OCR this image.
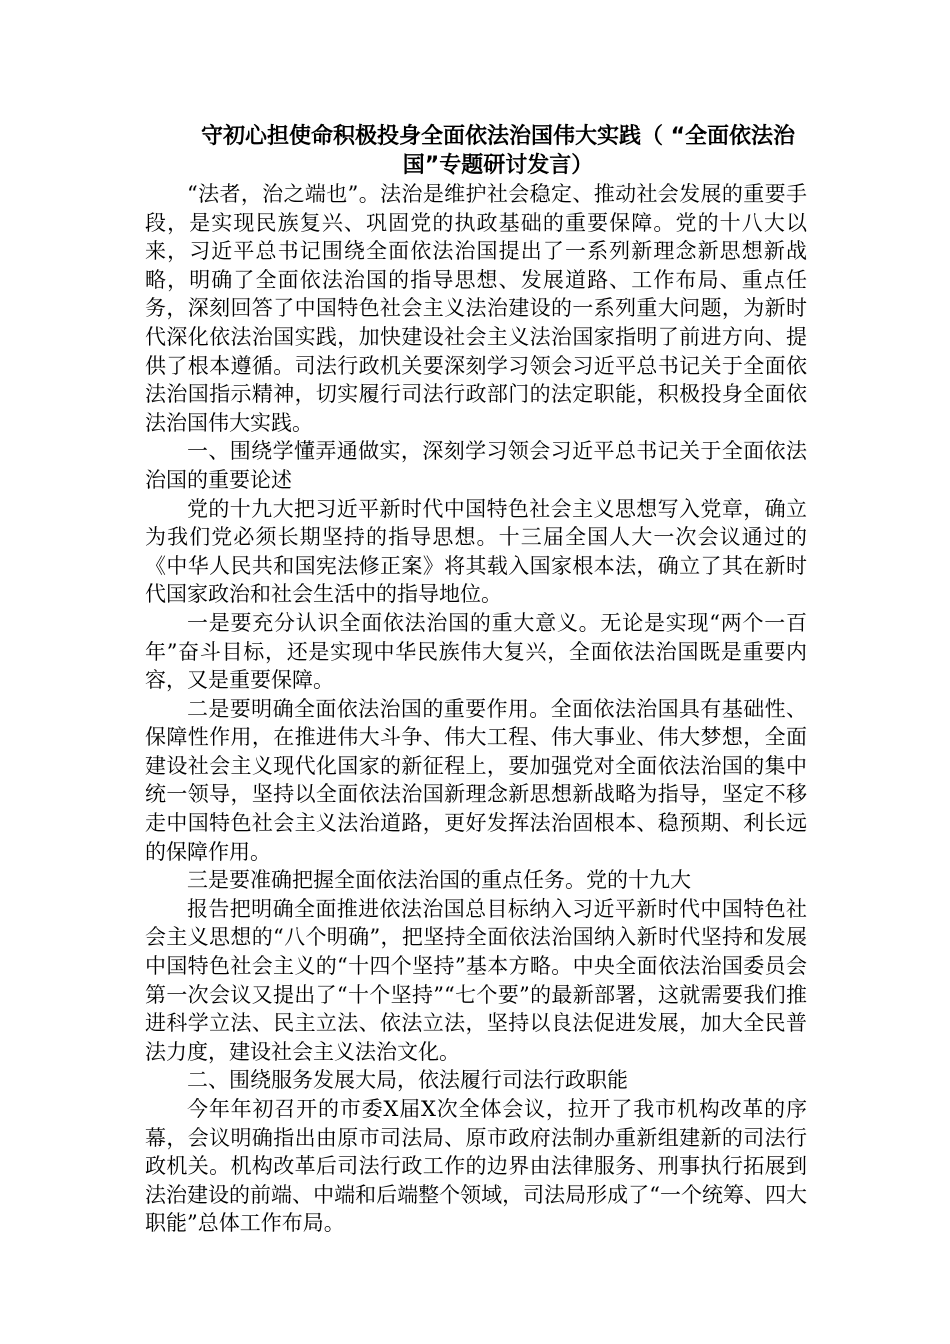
守初心担使命积极投身全面依法治国伟大实践（ “全面依法治国”专题研讨发言）

“法者，治之端也”。法治是维护社会稳定、推动社会发展的重要手段，是实现民族复兴、巩固党的执政基础的重要保障。党的十八大以来，习近平总书记围绕全面依法治国提出了一系列新理念新思想新战略，明确了全面依法治国的指导思想、发展道路、工作布局、重点任务，深刻回答了中国特色社会主义法治建设的一系列重大问题，为新时代深化依法治国实践，加快建设社会主义法治国家指明了前进方向、提供了根本遵循。司法行政机关要深刻学习领会习近平总书记关于全面依法治国指示精神，切实履行司法行政部门的法定职能，积极投身全面依法治国伟大实践。

一、围绕学懂弄通做实，深刻学习领会习近平总书记关于全面依法治国的重要论述

党的十九大把习近平新时代中国特色社会主义思想写入党章，确立为我们党必须长期坚持的指导思想。十三届全国人大一次会议通过的《中华人民共和国宪法修正案》将其载入国家根本法，确立了其在新时代国家政治和社会生活中的指导地位。

一是要充分认识全面依法治国的重大意义。无论是实现“两个一百年”奋斗目标，还是实现中华民族伟大复兴，全面依法治国既是重要内容，又是重要保障。

二是要明确全面依法治国的重要作用。全面依法治国具有基础性、保障性作用，在推进伟大斗争、伟大工程、伟大事业、伟大梦想，全面建设社会主义现代化国家的新征程上，要加强党对全面依法治国的集中统一领导，坚持以全面依法治国新理念新思想新战略为指导，坚定不移走中国特色社会主义法治道路，更好发挥法治固根本、稳预期、利长远的保障作用。

三是要准确把握全面依法治国的重点任务。党的十九大

报告把明确全面推进依法治国总目标纳入习近平新时代中国特色社会主义思想的“八个明确”，把坚持全面依法治国纳入新时代坚持和发展中国特色社会主义的“十四个坚持”基本方略。中央全面依法治国委员会第一次会议又提出了“十个坚持”“七个要”的最新部署，这就需要我们推进科学立法、民主立法、依法立法，坚持以良法促进发展，加大全民普法力度，建设社会主义法治文化。

二、围绕服务发展大局，依法履行司法行政职能

今年年初召开的市委X届X次全体会议，拉开了我市机构改革的序幕，会议明确指出由原市司法局、原市政府法制办重新组建新的司法行政机关。机构改革后司法行政工作的边界由法律服务、刑事执行拓展到法治建设的前端、中端和后端整个领域，司法局形成了“一个统筹、四大职能”总体工作布局。
